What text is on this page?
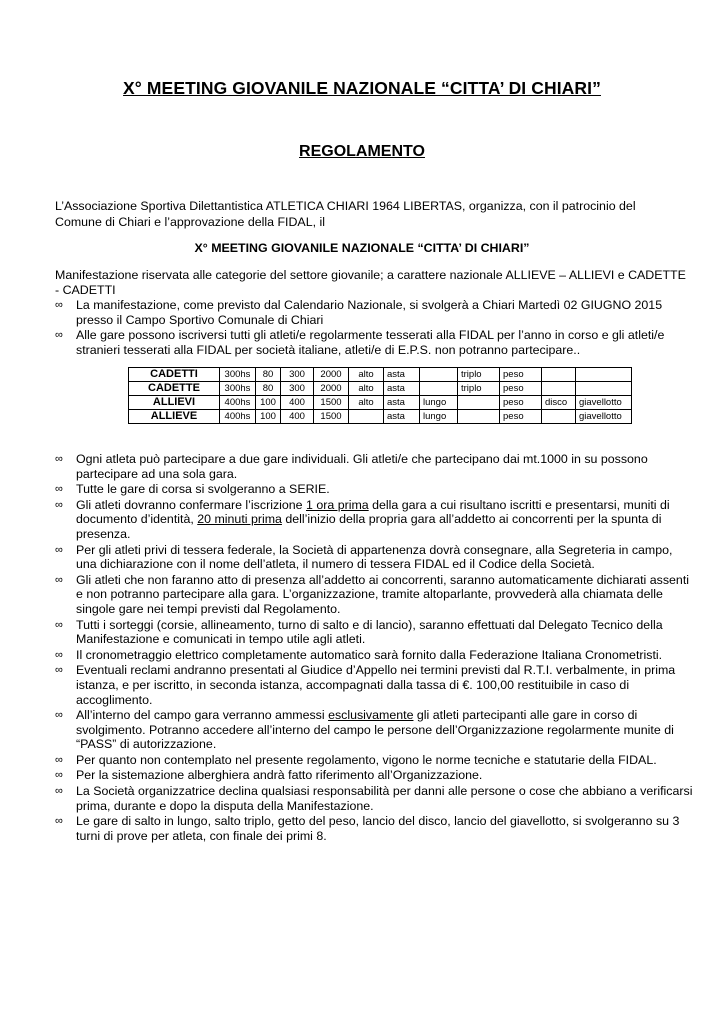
X° MEETING GIOVANILE NAZIONALE “CITTA’ DI CHIARI”
REGOLAMENTO
L’Associazione Sportiva Dilettantistica ATLETICA CHIARI 1964 LIBERTAS, organizza, con il patrocinio del Comune di Chiari e l’approvazione della FIDAL, il
X° MEETING GIOVANILE NAZIONALE “CITTA’ DI CHIARI”
Manifestazione riservata alle categorie del settore giovanile; a carattere nazionale ALLIEVE – ALLIEVI e CADETTE - CADETTI
∞ La manifestazione, come previsto dal Calendario Nazionale, si svolgerà a Chiari Martedì 02 GIUGNO 2015 presso il Campo Sportivo Comunale di Chiari
∞ Alle gare possono iscriversi tutti gli atleti/e regolarmente tesserati alla FIDAL per l’anno in corso e gli atleti/e stranieri tesserati alla FIDAL per società italiane, atleti/e di E.P.S. non potranno partecipare..
CADETTI	300hs	80	300	2000	alto	asta		triplo	peso		
CADETTE	300hs	80	300	2000	alto	asta		triplo	peso		
ALLIEVI	400hs	100	400	1500	alto	asta	lungo		peso	disco	giavellotto
ALLIEVE	400hs	100	400	1500		asta	lungo		peso		giavellotto
∞ Ogni atleta può partecipare a due gare individuali. Gli atleti/e che partecipano dai mt.1000 in su possono partecipare ad una sola gara.
∞ Tutte le gare di corsa si svolgeranno a SERIE.
∞ Gli atleti dovranno confermare l’iscrizione 1 ora prima della gara a cui risultano iscritti e presentarsi, muniti di documento d’identità, 20 minuti prima dell’inizio della propria gara all’addetto ai concorrenti per la spunta di presenza.
∞ Per gli atleti privi di tessera federale, la Società di appartenenza dovrà consegnare, alla Segreteria in campo, una dichiarazione con il nome dell’atleta, il numero di tessera FIDAL ed il Codice della Società.
∞ Gli atleti che non faranno atto di presenza all’addetto ai concorrenti, saranno automaticamente dichiarati assenti e non potranno partecipare alla gara. L’organizzazione, tramite altoparlante, provvederà alla chiamata delle singole gare nei tempi previsti dal Regolamento.
∞ Tutti i sorteggi (corsie, allineamento, turno di salto e di lancio), saranno effettuati dal Delegato Tecnico della Manifestazione e comunicati in tempo utile agli atleti.
∞ Il cronometraggio elettrico completamente automatico sarà fornito dalla Federazione Italiana Cronometristi.
∞ Eventuali reclami andranno presentati al Giudice d’Appello nei termini previsti dal R.T.I. verbalmente, in prima istanza, e per iscritto, in seconda istanza, accompagnati dalla tassa di €. 100,00 restituibile in caso di accoglimento.
∞ All’interno del campo gara verranno ammessi esclusivamente gli atleti partecipanti alle gare in corso di svolgimento. Potranno accedere all’interno del campo le persone dell’Organizzazione regolarmente munite di “PASS” di autorizzazione.
∞ Per quanto non contemplato nel presente regolamento, vigono le norme tecniche e statutarie della FIDAL.
∞ Per la sistemazione alberghiera andrà fatto riferimento all’Organizzazione.
∞ La Società organizzatrice declina qualsiasi responsabilità per danni alle persone o cose che abbiano a verificarsi prima, durante e dopo la disputa della Manifestazione.
∞ Le gare di salto in lungo, salto triplo, getto del peso, lancio del disco, lancio del giavellotto, si svolgeranno su 3 turni di prove per atleta, con finale dei primi 8.
